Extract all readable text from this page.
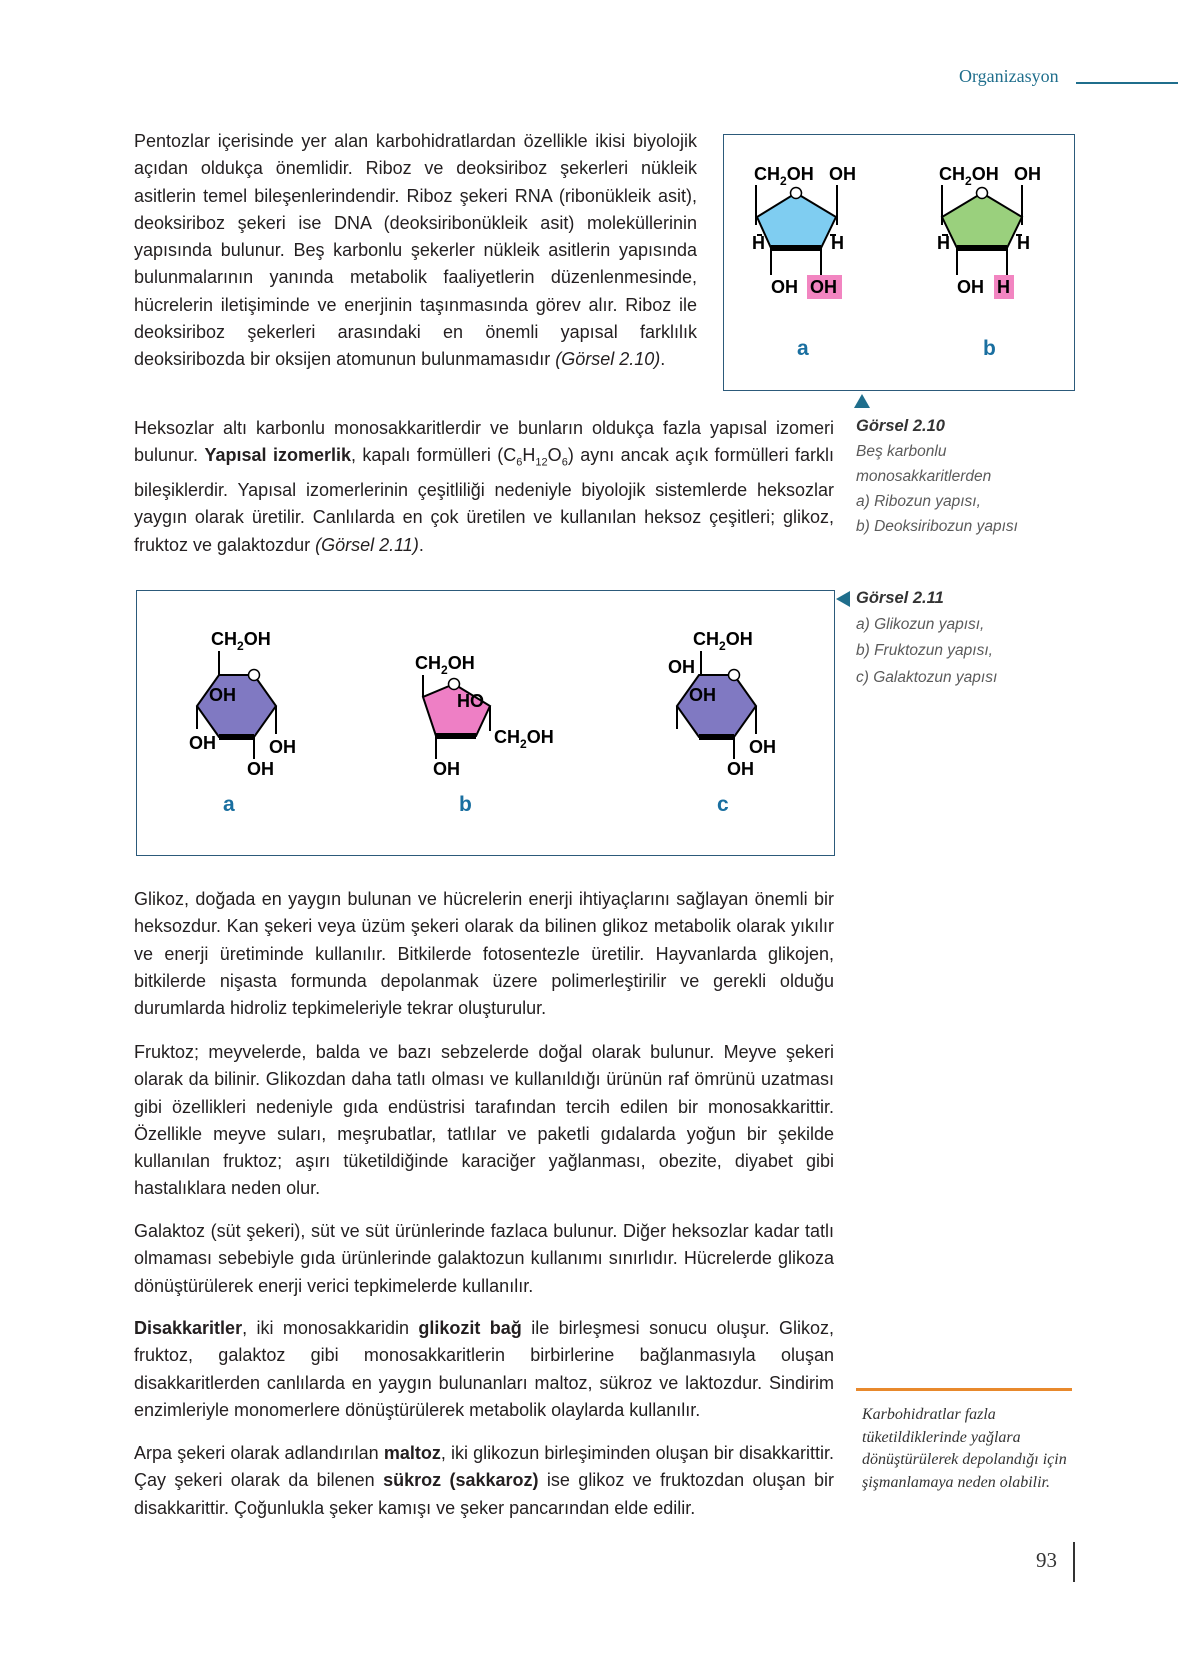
Organizasyon

Pentozlar içerisinde yer alan karbohidratlardan özellikle ikisi biyolojik açıdan oldukça önemlidir. Riboz ve deoksiriboz şekerleri nükleik asitlerin temel bileşenlerindendir. Riboz şekeri RNA (ribonükleik asit), deoksiriboz şekeri ise DNA (deoksiribonükleik asit) moleküllerinin yapısında bulunur. Beş karbonlu şekerler nükleik asitlerin yapısında bulunmalarının yanında metabolik faaliyetlerin düzenlenmesinde, hücrelerin iletişiminde ve enerjinin taşınmasında görev alır. Riboz ile deoksiriboz şekerleri arasındaki en önemli yapısal farklılık deoksiribozda bir oksijen atomunun bulunmamasıdır (Görsel 2.10).

$CH_2OH$ OH
H	H
OH OH
a
$CH_2OH$ OH
H	H
OH H
b
Görsel 2.10
Beş karbonlu
monosakkaritlerden
a) Ribozun yapısı,
b) Deoksiribozun yapısı

Heksozlar altı karbonlu monosakkaritlerdir ve bunların oldukça fazla yapısal izomeri bulunur. Yapısal izomerlik, kapalı formülleri $(C_6H_{12}O_6)$ aynı ancak açık formülleri farklı bileşiklerdir. Yapısal izomerlerinin çeşitliliği nedeniyle biyolojik sistemlerde heksozlar yaygın olarak üretilir. Canlılarda en çok üretilen ve kullanılan heksoz çeşitleri; glikoz, fruktoz ve galaktozdur (Görsel 2.11).

$CH_2OH$
OH
OH	OH
OH
a
$CH_2OH$
HO
$CH_2OH$
OH
b
$CH_2OH$
OH
OH
OH
OH
c
Görsel 2.11
a) Glikozun yapısı,
b) Fruktozun yapısı,
c) Galaktozun yapısı

Glikoz, doğada en yaygın bulunan ve hücrelerin enerji ihtiyaçlarını sağlayan önemli bir heksozdur. Kan şekeri veya üzüm şekeri olarak da bilinen glikoz metabolik olarak yıkılır ve enerji üretiminde kullanılır. Bitkilerde fotosentezle üretilir. Hayvanlarda glikojen, bitkilerde nişasta formunda depolanmak üzere polimerleştirilir ve gerekli olduğu durumlarda hidroliz tepkimeleriyle tekrar oluşturulur.

Fruktoz; meyvelerde, balda ve bazı sebzelerde doğal olarak bulunur. Meyve şekeri olarak da bilinir. Glikozdan daha tatlı olması ve kullanıldığı ürünün raf ömrünü uzatması gibi özellikleri nedeniyle gıda endüstrisi tarafından tercih edilen bir monosakkarittir. Özellikle meyve suları, meşrubatlar, tatlılar ve paketli gıdalarda yoğun bir şekilde kullanılan fruktoz; aşırı tüketildiğinde karaciğer yağlanması, obezite, diyabet gibi hastalıklara neden olur.

Galaktoz (süt şekeri), süt ve süt ürünlerinde fazlaca bulunur. Diğer heksozlar kadar tatlı olmaması sebebiyle gıda ürünlerinde galaktozun kullanımı sınırlıdır. Hücrelerde glikoza dönüştürülerek enerji verici tepkimelerde kullanılır.

Disakkaritler, iki monosakkaridin glikozit bağ ile birleşmesi sonucu oluşur. Glikoz, fruktoz, galaktoz gibi monosakkaritlerin birbirlerine bağlanmasıyla oluşan disakkaritlerden canlılarda en yaygın bulunanları maltoz, sükroz ve laktozdur. Sindirim enzimleriyle monomerlere dönüştürülerek metabolik olaylarda kullanılır.

Arpa şekeri olarak adlandırılan maltoz, iki glikozun birleşiminden oluşan bir disakkarittir. Çay şekeri olarak da bilenen sükroz (sakkaroz) ise glikoz ve fruktozdan oluşan bir disakkarittir. Çoğunlukla şeker kamışı ve şeker pancarından elde edilir.

Karbohidratlar fazla tüketildiklerinde yağlara dönüştürülerek depolandığı için şişmanlamaya neden olabilir.
93
